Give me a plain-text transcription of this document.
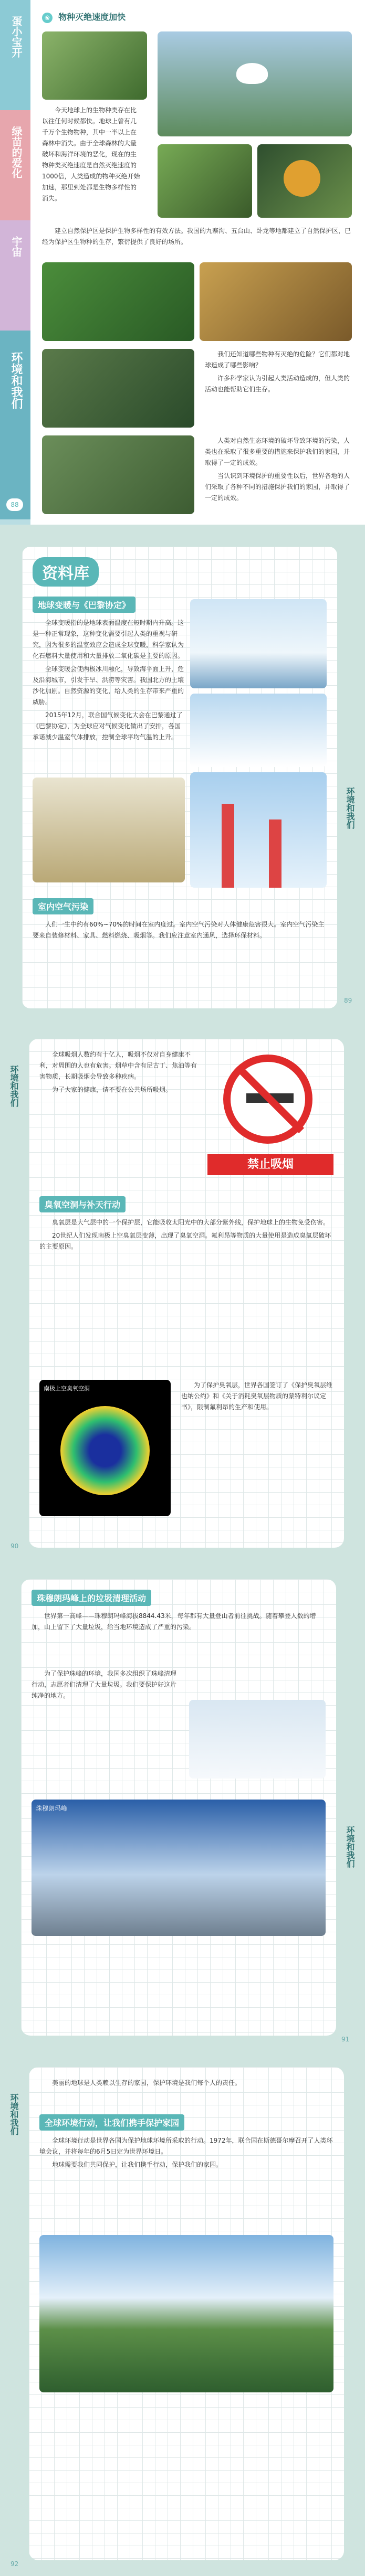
蛋小宝开
绿苗的爱化
宇宙
环境和我们
88
❀ 物种灭绝速度加快

今天地球上的生物种类存在比以往任何时候都快。地球上曾有几千万个生物物种，其中一半以上在森林中消失。由于全球森林的大量破坏和海洋环境的恶化，现在的生物种类灭绝速度是自然灭绝速度的1000倍，人类造成的物种灭绝开始加速，那里到处都是生物多样性的消失。

建立自然保护区是保护生物多样性的有效方法。我国的九寨沟、五台山、卧龙等地都建立了自然保护区，已经为保护区生物种的生存，繁衍提供了良好的场所。

我们还知道哪些物种有灭绝的危险？它们都对地球造成了哪些影响？

许多科学家认为引起人类活动造成的，但人类的活动也能帮助它们生存。

人类对自然生态环境的破坏导致环境的污染，人类也在采取了很多重要的措施来保护我们的家园，并取得了一定的成效。

当认识到环境保护的重要性以后，世界各地的人们采取了各种不同的措施保护我们的家园，并取得了一定的成效。

资料库
地球变暖与《巴黎协定》

全球变暖指的是地球表面温度在短时期内升高。这是一种正常现象，这种变化需要引起人类的重视与研究，因为很多的温室效应会造成全球变暖，科学家认为化石燃料大量使用和大量排放二氧化碳是主要的原因。

全球变暖会使两极冰川融化，导致海平面上升，危及沿海城市，引发干旱、洪涝等灾害。我国北方的土壤沙化加剧。自然资源的变化，给人类的生存带来严重的威胁。

2015年12月，联合国气候变化大会在巴黎通过了《巴黎协定》，为全球应对气候变化做出了安排，各国承诺减少温室气体排放，控制全球平均气温的上升。

室内空气污染

人们一生中约有60%~70%的时间在室内度过。室内空气污染对人体健康危害很大。室内空气污染主要来自装修材料、家具、燃料燃烧、吸烟等。我们应注意室内通风，选择环保材料。

环境和我们
89

全球吸烟人数约有十亿人，吸烟不仅对自身健康不利，对周围的人也有危害。烟草中含有尼古丁、焦油等有害物质，长期吸烟会导致多种疾病。

为了大家的健康，请不要在公共场所吸烟。

禁止吸烟
臭氧空洞与补天行动

臭氧层是大气层中的一个保护层，它能吸收太阳光中的大部分紫外线，保护地球上的生物免受伤害。

20世纪人们发现南极上空臭氧层变薄，出现了臭氧空洞。氟利昂等物质的大量使用是造成臭氧层破坏的主要原因。

南极上空臭氧空洞	为了保护臭氧层，世界各国签订了《保护臭氧层维也纳公约》和《关于消耗臭氧层物质的蒙特利尔议定书》，限制氟利昂的生产和使用。

环境和我们
90
珠穆朗玛峰上的垃圾清理活动

世界第一高峰——珠穆朗玛峰海拔8844.43米，每年都有大量登山者前往挑战。随着攀登人数的增加，山上留下了大量垃圾，给当地环境造成了严重的污染。

为了保护珠峰的环境，我国多次组织了珠峰清理行动，志愿者们清理了大量垃圾。我们要保护好这片纯净的地方。

珠穆朗玛峰
环境和我们
91

美丽的地球是人类赖以生存的家园，保护环境是我们每个人的责任。

全球环境行动，让我们携手保护家园

全球环境行动是世界各国为保护地球环境所采取的行动。1972年，联合国在斯德哥尔摩召开了人类环境会议，并将每年的6月5日定为世界环境日。

地球需要我们共同保护，让我们携手行动，保护我们的家园。

环境和我们
92
